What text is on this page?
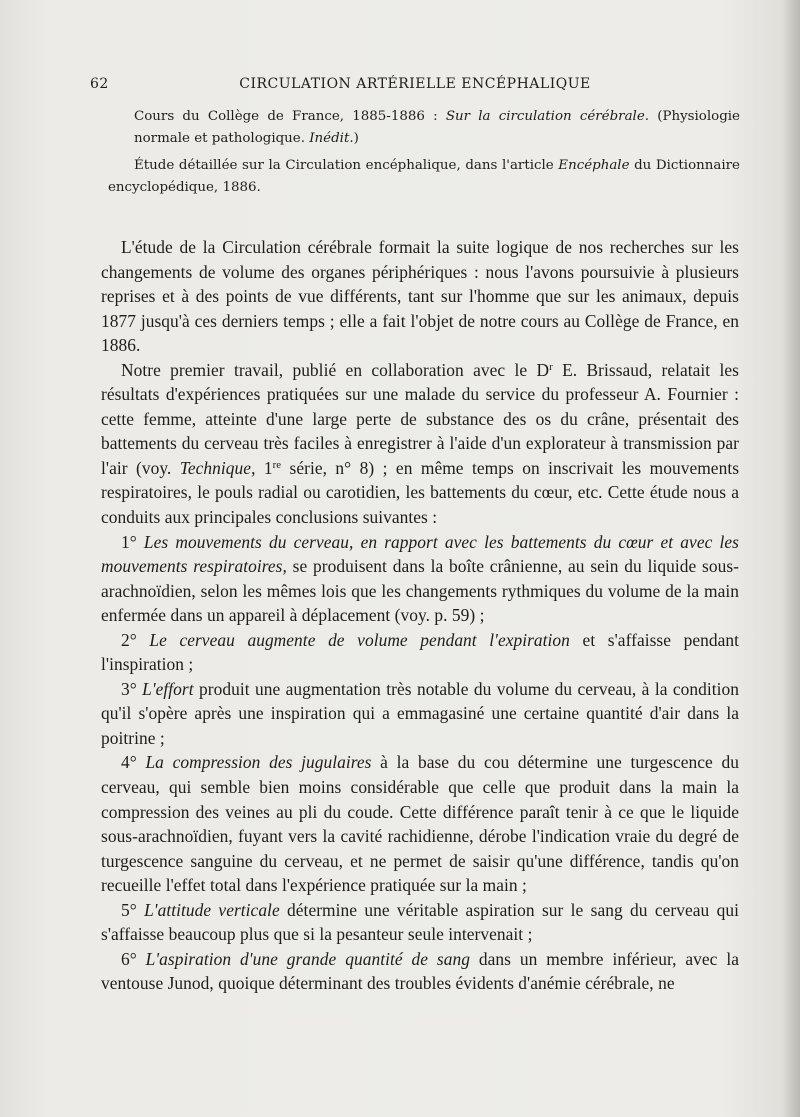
62	CIRCULATION ARTÉRIELLE ENCÉPHALIQUE

Cours du Collège de France, 1885-1886 : Sur la circulation cérébrale. (Physiologie normale et pathologique. Inédit.)

Étude détaillée sur la Circulation encéphalique, dans l'article Encéphale du Dictionnaire encyclopédique, 1886.

L'étude de la Circulation cérébrale formait la suite logique de nos recherches sur les changements de volume des organes périphériques : nous l'avons poursuivie à plusieurs reprises et à des points de vue différents, tant sur l'homme que sur les animaux, depuis 1877 jusqu'à ces derniers temps ; elle a fait l'objet de notre cours au Collège de France, en 1886.

Notre premier travail, publié en collaboration avec le $D^r$ E. Brissaud, relatait les résultats d'expériences pratiquées sur une malade du service du professeur A. Fournier : cette femme, atteinte d'une large perte de substance des os du crâne, présentait des battements du cerveau très faciles à enregistrer à l'aide d'un explorateur à transmission par l'air (voy. Technique, 1re série, n° 8) ; en même temps on inscrivait les mouvements respiratoires, le pouls radial ou carotidien, les battements du cœur, etc. Cette étude nous a conduits aux principales conclusions suivantes :

1° Les mouvements du cerveau, en rapport avec les battements du cœur et avec les mouvements respiratoires, se produisent dans la boîte crânienne, au sein du liquide sous-arachnoïdien, selon les mêmes lois que les changements rythmiques du volume de la main enfermée dans un appareil à déplacement (voy. p. 59) ;

2° Le cerveau augmente de volume pendant l'expiration et s'affaisse pendant l'inspiration ;

3° L'effort produit une augmentation très notable du volume du cerveau, à la condition qu'il s'opère après une inspiration qui a emmagasiné une certaine quantité d'air dans la poitrine ;

4° La compression des jugulaires à la base du cou détermine une turgescence du cerveau, qui semble bien moins considérable que celle que produit dans la main la compression des veines au pli du coude. Cette différence paraît tenir à ce que le liquide sous-arachnoïdien, fuyant vers la cavité rachidienne, dérobe l'indication vraie du degré de turgescence sanguine du cerveau, et ne permet de saisir qu'une différence, tandis qu'on recueille l'effet total dans l'expérience pratiquée sur la main ;

5° L'attitude verticale détermine une véritable aspiration sur le sang du cerveau qui s'affaisse beaucoup plus que si la pesanteur seule intervenait ;

6° L'aspiration d'une grande quantité de sang dans un membre inférieur, avec la ventouse Junod, quoique déterminant des troubles évidents d'anémie cérébrale, ne
